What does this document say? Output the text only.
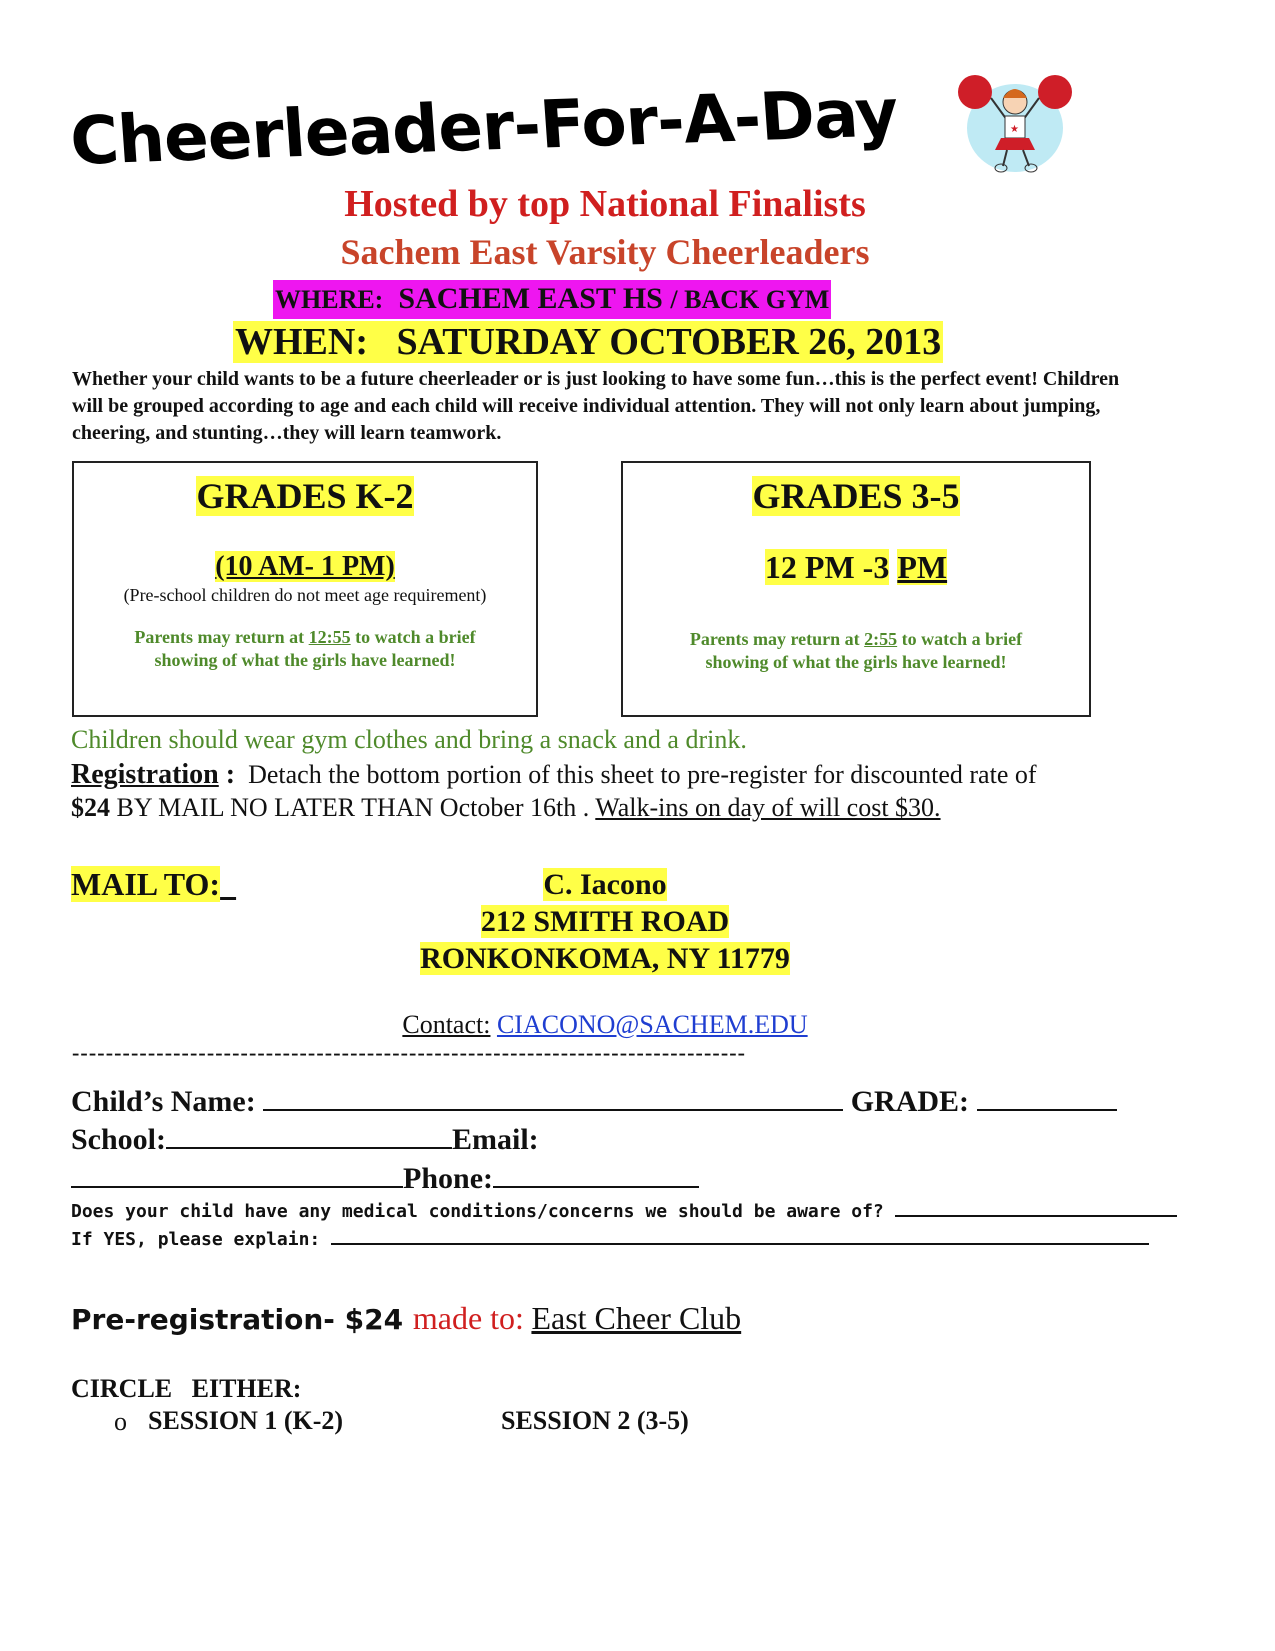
Cheerleader-For-A-Day	★
Hosted by top National Finalists
Sachem East Varsity Cheerleaders
WHERE: SACHEM EAST HS / BACK GYM
WHEN: SATURDAY OCTOBER 26, 2013
Whether your child wants to be a future cheerleader or is just looking to have some fun…this is the perfect event! Children will be grouped according to age and each child will receive individual attention. They will not only learn about jumping, cheering, and stunting…they will learn teamwork.
GRADES K-2
(10 AM- 1 PM)
(Pre-school children do not meet age requirement)
Parents may return at 12:55 to watch a brief
showing of what the girls have learned!
GRADES 3-5
12 PM -3 PM
Parents may return at 2:55 to watch a brief
showing of what the girls have learned!
Children should wear gym clothes and bring a snack and a drink.
Registration : Detach the bottom portion of this sheet to pre-register for discounted rate of
$24 BY MAIL NO LATER THAN October 16th . Walk-ins on day of will cost $30.
MAIL TO:	C. Iacono
212 SMITH ROAD
RONKONKOMA, NY 11779
Contact: CIACONO@SACHEM.EDU
--------------------------------------------------------------------------------
Child’s Name:	GRADE:
School:	Email:
Phone:
Does your child have any medical conditions/concerns we should be aware of?
If YES, please explain:
Pre-registration- $24 made to: East Cheer Club
CIRCLE   EITHER:
o SESSION 1 (K-2)	SESSION 2 (3-5)
